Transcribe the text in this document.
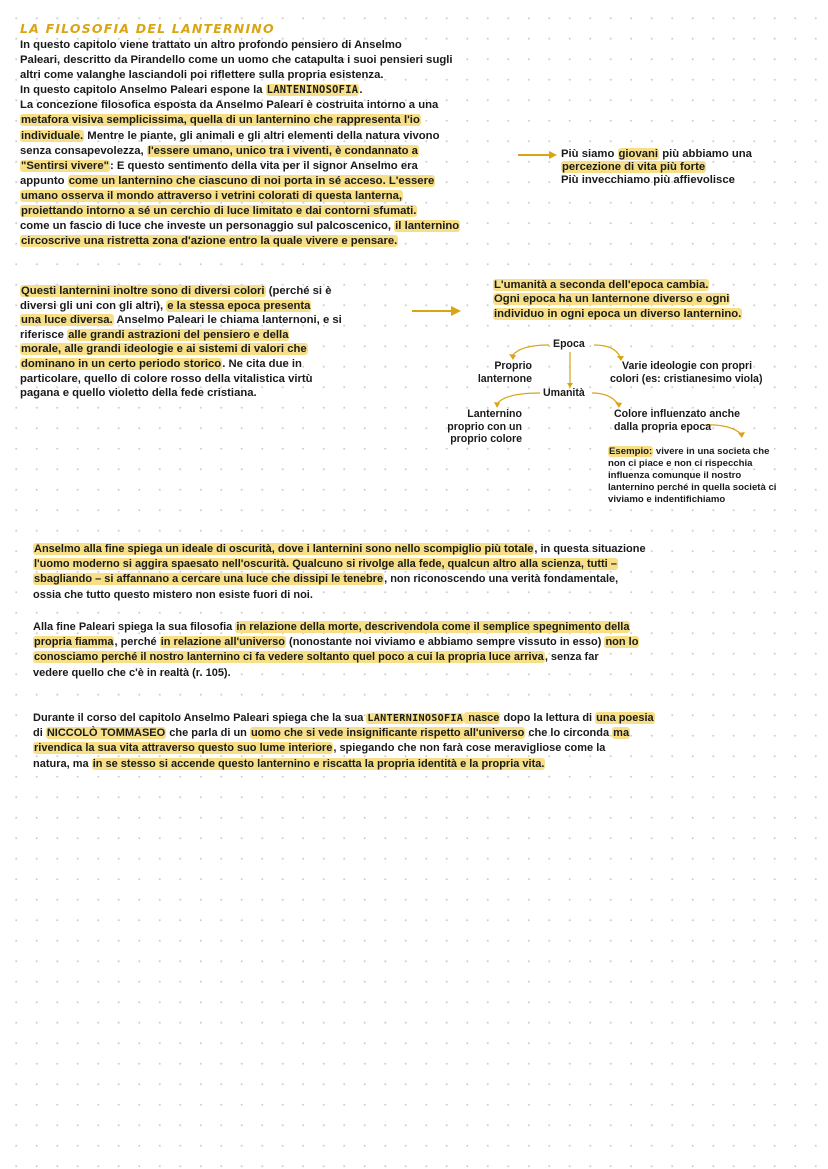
LA FILOSOFIA DEL LANTERNINO
In questo capitolo viene trattato un altro profondo pensiero di Anselmo
Paleari, descritto da Pirandello come un uomo che catapulta i suoi pensieri sugli
altri come valanghe lasciandoli poi riflettere sulla propria esistenza.
In questo capitolo Anselmo Paleari espone la LANTENINOSOFIA.
La concezione filosofica esposta da Anselmo Paleari è costruita intorno a una
metafora visiva semplicissima, quella di un lanternino che rappresenta l'io
individuale. Mentre le piante, gli animali e gli altri elementi della natura vivono
senza consapevolezza, l'essere umano, unico tra i viventi, è condannato a
"Sentirsi vivere": E questo sentimento della vita per il signor Anselmo era
appunto come un lanternino che ciascuno di noi porta in sé acceso. L'essere
umano osserva il mondo attraverso i vetrini colorati di questa lanterna,
proiettando intorno a sé un cerchio di luce limitato e dai contorni sfumati.
come un fascio di luce che investe un personaggio sul palcoscenico, il lanternino
circoscrive una ristretta zona d'azione entro la quale vivere e pensare.
Più siamo giovani più abbiamo una
percezione di vita più forte
Più invecchiamo più affievolisce
Questi lanternini inoltre sono di diversi colori (perché si è
diversi gli uni con gli altri), e la stessa epoca presenta
una luce diversa. Anselmo Paleari le chiama lanternoni, e si
riferisce alle grandi astrazioni del pensiero e della
morale, alle grandi ideologie e ai sistemi di valori che
dominano in un certo periodo storico. Ne cita due in
particolare, quello di colore rosso della vitalistica virtù
pagana e quello violetto della fede cristiana.
L'umanità a seconda dell'epoca cambia.
Ogni epoca ha un lanternone diverso e ogni
individuo in ogni epoca un diverso lanternino.
Epoca
Proprio
lanternone
Varie ideologie con propri
colori (es: cristianesimo viola)
Umanità
Lanternino
proprio con un
proprio colore
Colore influenzato anche
dalla propria epoca
Esempio: vivere in una societa che
non ci piace e non ci rispecchia
influenza comunque il nostro
lanternino perché in quella società ci
viviamo e indentifichiamo
Anselmo alla fine spiega un ideale di oscurità, dove i lanternini sono nello scompiglio più totale, in questa situazione
l'uomo moderno si aggira spaesato nell'oscurità. Qualcuno si rivolge alla fede, qualcun altro alla scienza, tutti –
sbagliando – si affannano a cercare una luce che dissipi le tenebre, non riconoscendo una verità fondamentale,
ossia che tutto questo mistero non esiste fuori di noi.
Alla fine Paleari spiega la sua filosofia in relazione della morte, descrivendola come il semplice spegnimento della
propria fiamma, perché in relazione all'universo (nonostante noi viviamo e abbiamo sempre vissuto in esso) non lo
conosciamo perché il nostro lanternino ci fa vedere soltanto quel poco a cui la propria luce arriva, senza far
vedere quello che c'è in realtà (r. 105).
Durante il corso del capitolo Anselmo Paleari spiega che la sua LANTERNINOSOFIA nasce dopo la lettura di una poesia
di NICCOLÒ TOMMASEO che parla di un uomo che si vede insignificante rispetto all'universo che lo circonda ma
rivendica la sua vita attraverso questo suo lume interiore, spiegando che non farà cose meravigliose come la
natura, ma in se stesso si accende questo lanternino e riscatta la propria identità e la propria vita.
